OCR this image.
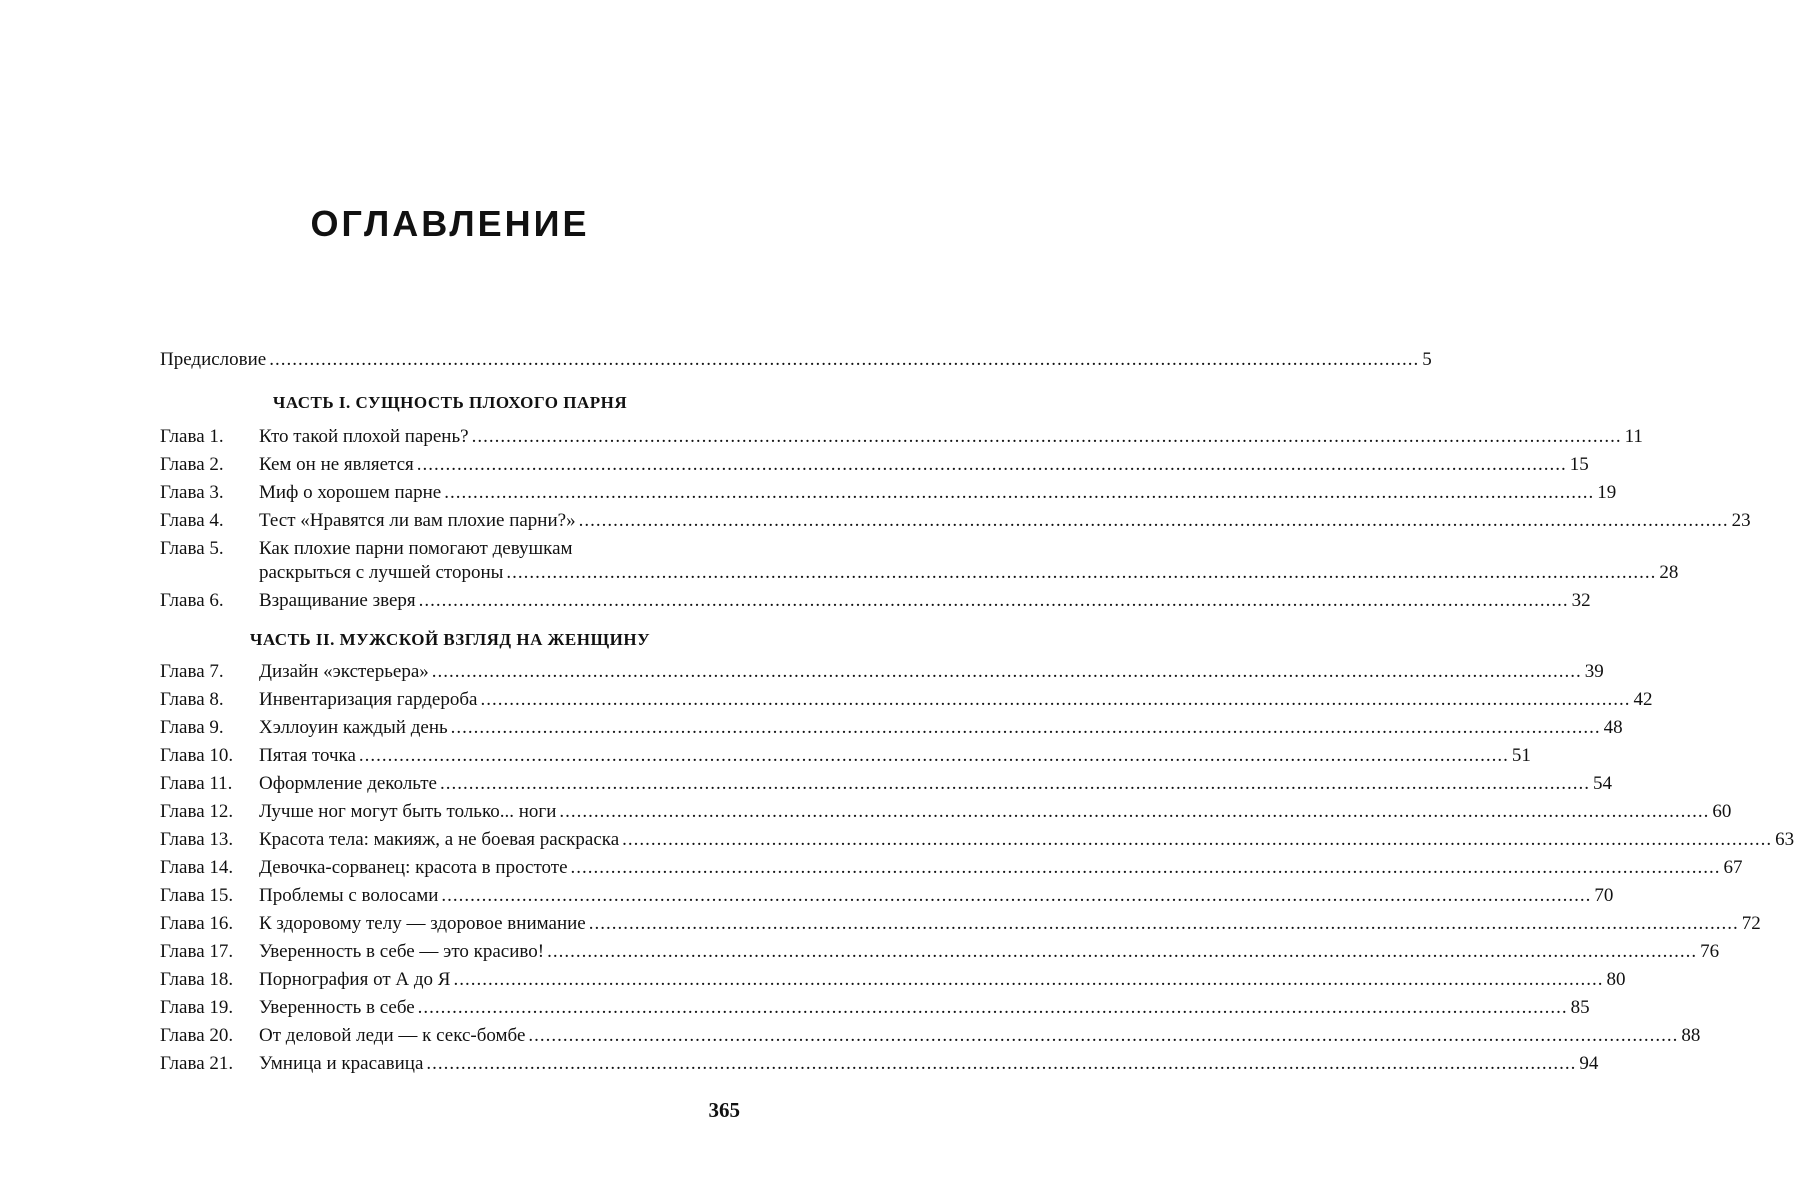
ОГЛАВЛЕНИЕ
Предисловие ........................................................................................................................................................................................................ 5
ЧАСТЬ I. СУЩНОСТЬ ПЛОХОГО ПАРНЯ
Глава 1. Кто такой плохой парень? ........................................................................................................................................................................................................ 11
Глава 2. Кем он не является ........................................................................................................................................................................................................ 15
Глава 3. Миф о хорошем парне ........................................................................................................................................................................................................ 19
Глава 4. Тест «Нравятся ли вам плохие парни?» ........................................................................................................................................................................................................ 23
Глава 5. Как плохие парни помогают девушкам
раскрыться с лучшей стороны ........................................................................................................................................................................................................ 28
Глава 6. Взращивание зверя ........................................................................................................................................................................................................ 32
ЧАСТЬ II. МУЖСКОЙ ВЗГЛЯД НА ЖЕНЩИНУ
Глава 7. Дизайн «экстерьера» ........................................................................................................................................................................................................ 39
Глава 8. Инвентаризация гардероба ........................................................................................................................................................................................................ 42
Глава 9. Хэллоуин каждый день ........................................................................................................................................................................................................ 48
Глава 10. Пятая точка ........................................................................................................................................................................................................ 51
Глава 11. Оформление декольте ........................................................................................................................................................................................................ 54
Глава 12. Лучше ног могут быть только... ноги ........................................................................................................................................................................................................ 60
Глава 13. Красота тела: макияж, а не боевая раскраска ........................................................................................................................................................................................................ 63
Глава 14. Девочка-сорванец: красота в простоте ........................................................................................................................................................................................................ 67
Глава 15. Проблемы с волосами ........................................................................................................................................................................................................ 70
Глава 16. К здоровому телу — здоровое внимание ........................................................................................................................................................................................................ 72
Глава 17. Уверенность в себе — это красиво! ........................................................................................................................................................................................................ 76
Глава 18. Порнография от А до Я ........................................................................................................................................................................................................ 80
Глава 19. Уверенность в себе ........................................................................................................................................................................................................ 85
Глава 20. От деловой леди — к секс-бомбе ........................................................................................................................................................................................................ 88
Глава 21. Умница и красавица ........................................................................................................................................................................................................ 94
365
